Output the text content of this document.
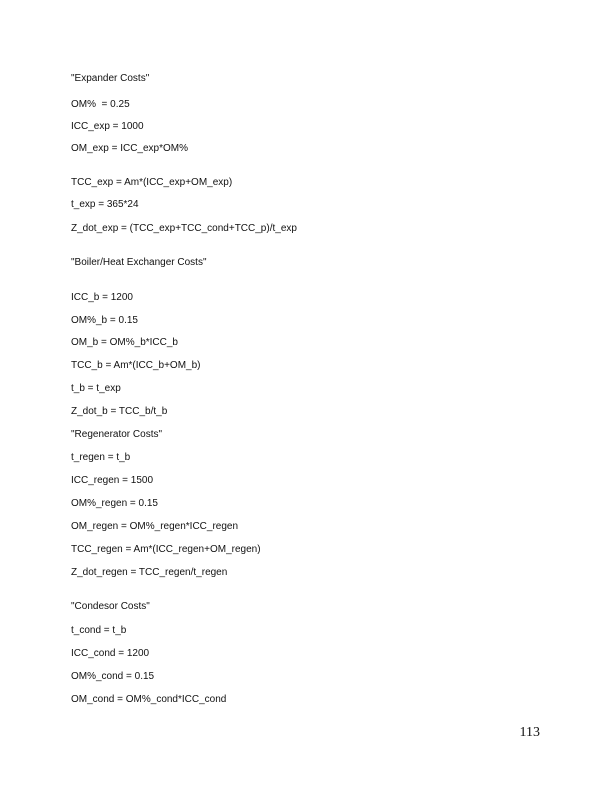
"Expander Costs"
OM%  = 0.25
ICC_exp = 1000
OM_exp = ICC_exp*OM%
TCC_exp = Am*(ICC_exp+OM_exp)
t_exp = 365*24
Z_dot_exp = (TCC_exp+TCC_cond+TCC_p)/t_exp
"Boiler/Heat Exchanger Costs"
ICC_b = 1200
OM%_b = 0.15
OM_b = OM%_b*ICC_b
TCC_b = Am*(ICC_b+OM_b)
t_b = t_exp
Z_dot_b = TCC_b/t_b
"Regenerator Costs"
t_regen = t_b
ICC_regen = 1500
OM%_regen = 0.15
OM_regen = OM%_regen*ICC_regen
TCC_regen = Am*(ICC_regen+OM_regen)
Z_dot_regen = TCC_regen/t_regen
"Condesor Costs"
t_cond = t_b
ICC_cond = 1200
OM%_cond = 0.15
OM_cond = OM%_cond*ICC_cond
113
